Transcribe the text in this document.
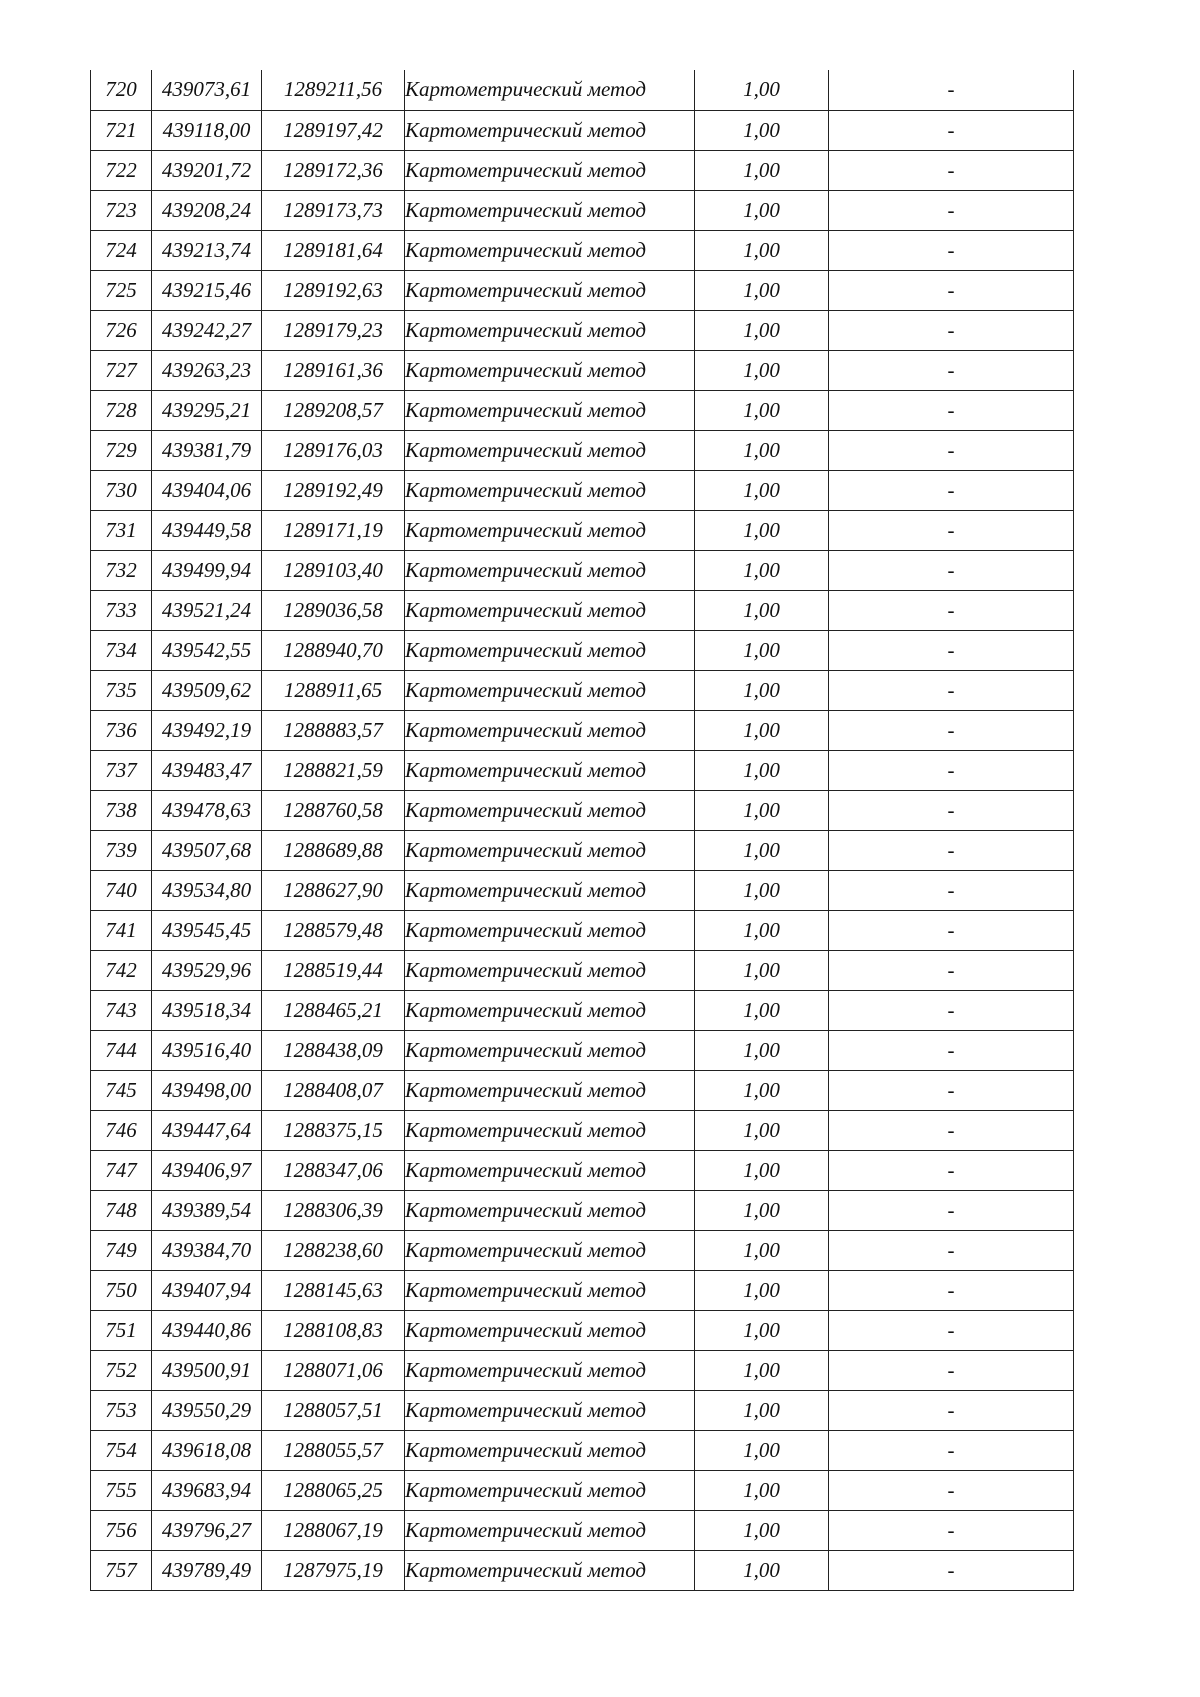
720	439073,61	1289211,56	Картометрический метод	1,00	-
721	439118,00	1289197,42	Картометрический метод	1,00	-
722	439201,72	1289172,36	Картометрический метод	1,00	-
723	439208,24	1289173,73	Картометрический метод	1,00	-
724	439213,74	1289181,64	Картометрический метод	1,00	-
725	439215,46	1289192,63	Картометрический метод	1,00	-
726	439242,27	1289179,23	Картометрический метод	1,00	-
727	439263,23	1289161,36	Картометрический метод	1,00	-
728	439295,21	1289208,57	Картометрический метод	1,00	-
729	439381,79	1289176,03	Картометрический метод	1,00	-
730	439404,06	1289192,49	Картометрический метод	1,00	-
731	439449,58	1289171,19	Картометрический метод	1,00	-
732	439499,94	1289103,40	Картометрический метод	1,00	-
733	439521,24	1289036,58	Картометрический метод	1,00	-
734	439542,55	1288940,70	Картометрический метод	1,00	-
735	439509,62	1288911,65	Картометрический метод	1,00	-
736	439492,19	1288883,57	Картометрический метод	1,00	-
737	439483,47	1288821,59	Картометрический метод	1,00	-
738	439478,63	1288760,58	Картометрический метод	1,00	-
739	439507,68	1288689,88	Картометрический метод	1,00	-
740	439534,80	1288627,90	Картометрический метод	1,00	-
741	439545,45	1288579,48	Картометрический метод	1,00	-
742	439529,96	1288519,44	Картометрический метод	1,00	-
743	439518,34	1288465,21	Картометрический метод	1,00	-
744	439516,40	1288438,09	Картометрический метод	1,00	-
745	439498,00	1288408,07	Картометрический метод	1,00	-
746	439447,64	1288375,15	Картометрический метод	1,00	-
747	439406,97	1288347,06	Картометрический метод	1,00	-
748	439389,54	1288306,39	Картометрический метод	1,00	-
749	439384,70	1288238,60	Картометрический метод	1,00	-
750	439407,94	1288145,63	Картометрический метод	1,00	-
751	439440,86	1288108,83	Картометрический метод	1,00	-
752	439500,91	1288071,06	Картометрический метод	1,00	-
753	439550,29	1288057,51	Картометрический метод	1,00	-
754	439618,08	1288055,57	Картометрический метод	1,00	-
755	439683,94	1288065,25	Картометрический метод	1,00	-
756	439796,27	1288067,19	Картометрический метод	1,00	-
757	439789,49	1287975,19	Картометрический метод	1,00	-
